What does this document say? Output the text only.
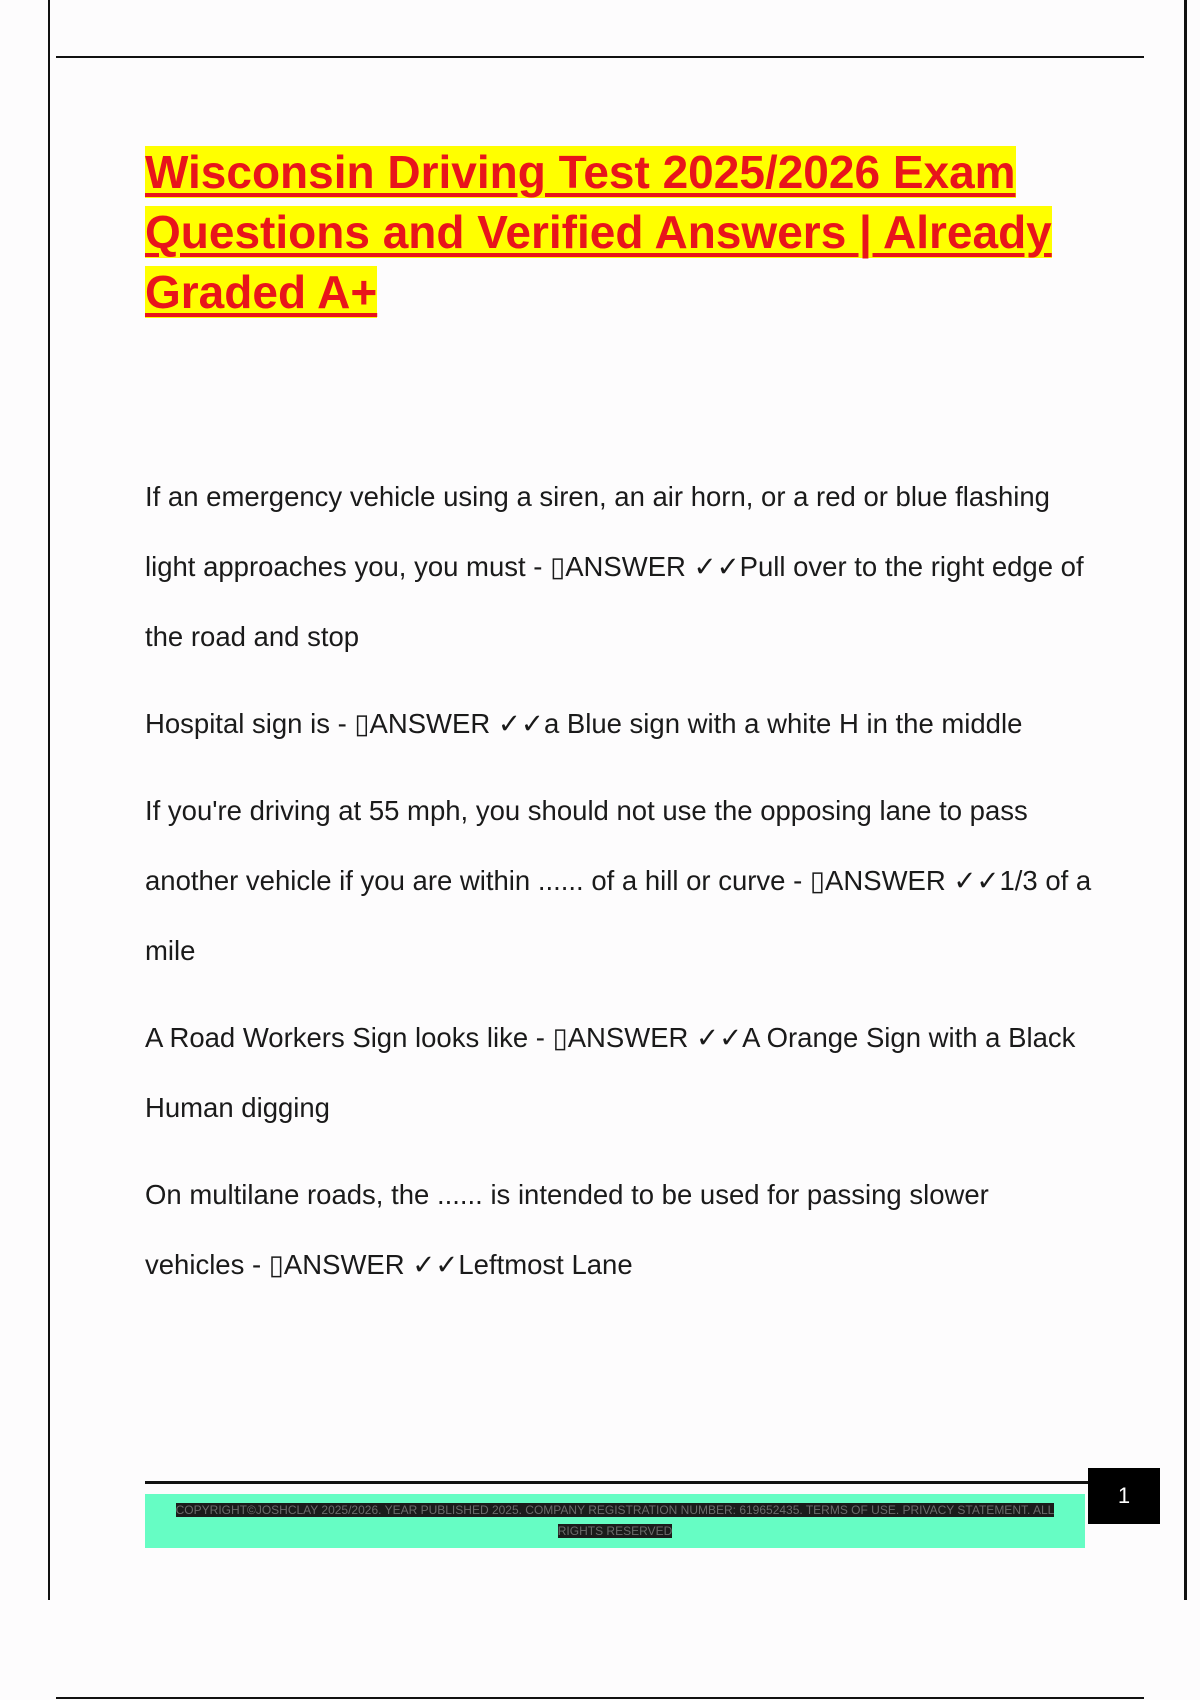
Wisconsin Driving Test 2025/2026 Exam Questions and Verified Answers | Already Graded A+
If an emergency vehicle using a siren, an air horn, or a red or blue flashing light approaches you, you must - ▯ANSWER ✓✓Pull over to the right edge of the road and stop
Hospital sign is - ▯ANSWER ✓✓a Blue sign with a white H in the middle
If you're driving at 55 mph, you should not use the opposing lane to pass another vehicle if you are within ...... of a hill or curve - ▯ANSWER ✓✓1/3 of a mile
A Road Workers Sign looks like - ▯ANSWER ✓✓A Orange Sign with a Black Human digging
On multilane roads, the ...... is intended to be used for passing slower vehicles - ▯ANSWER ✓✓Leftmost Lane

COPYRIGHT©JOSHCLAY 2025/2026. YEAR PUBLISHED 2025. COMPANY REGISTRATION NUMBER: 619652435. TERMS OF USE. PRIVACY STATEMENT. ALL RIGHTS RESERVED

1
